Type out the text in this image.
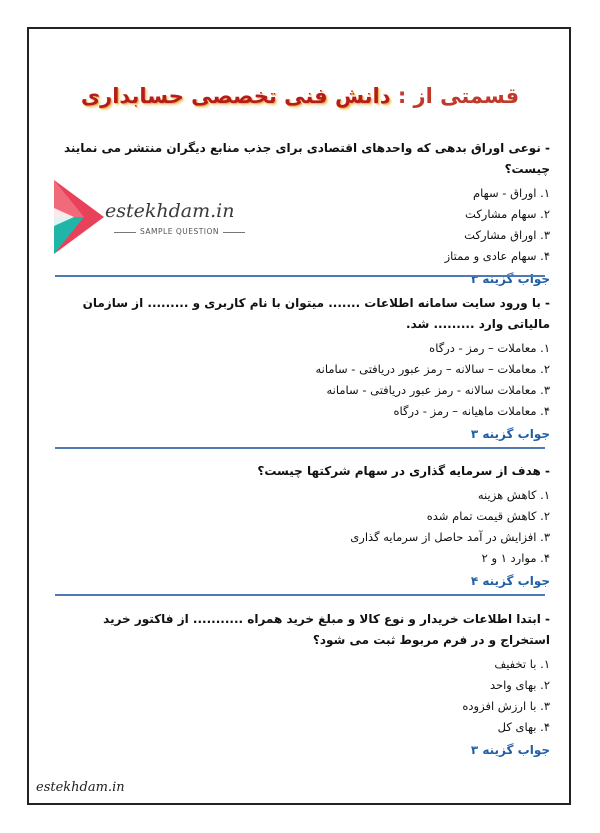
قسمتی از : دانش فنی تخصصی حسابداری
estekhdam.in
SAMPLE QUESTION
- نوعی اوراق بدهی که واحدهای اقتصادی برای جذب منابع دیگران منتشر می نمایند چیست؟
۱. اوراق - سهام
۲. سهام مشارکت
۳. اوراق مشارکت
۴. سهام عادی و ممتاز
جواب گزینه ۳
- با ورود سایت سامانه اطلاعات ....... میتوان با نام کاربری و ......... از سازمان مالیاتی وارد ......... شد.
۱. معاملات – رمز - درگاه
۲. معاملات – سالانه – رمز عبور دریافتی - سامانه
۳. معاملات سالانه - رمز عبور دریافتی - سامانه
۴. معاملات ماهیانه – رمز - درگاه
جواب گزینه ۳
- هدف از سرمایه گذاری در سهام شرکتها چیست؟
۱. کاهش هزینه
۲. کاهش قیمت تمام شده
۳. افزایش در آمد حاصل از سرمایه گذاری
۴. موارد ۱ و ۲
جواب گزینه ۴
- ابتدا اطلاعات خریدار و نوع کالا و مبلغ خرید همراه ........... از فاکتور خرید استخراج و در فرم مربوط ثبت می شود؟
۱. با تخفیف
۲. بهای واحد
۳. با ارزش افزوده
۴. بهای کل
جواب گزینه ۳
estekhdam.in
